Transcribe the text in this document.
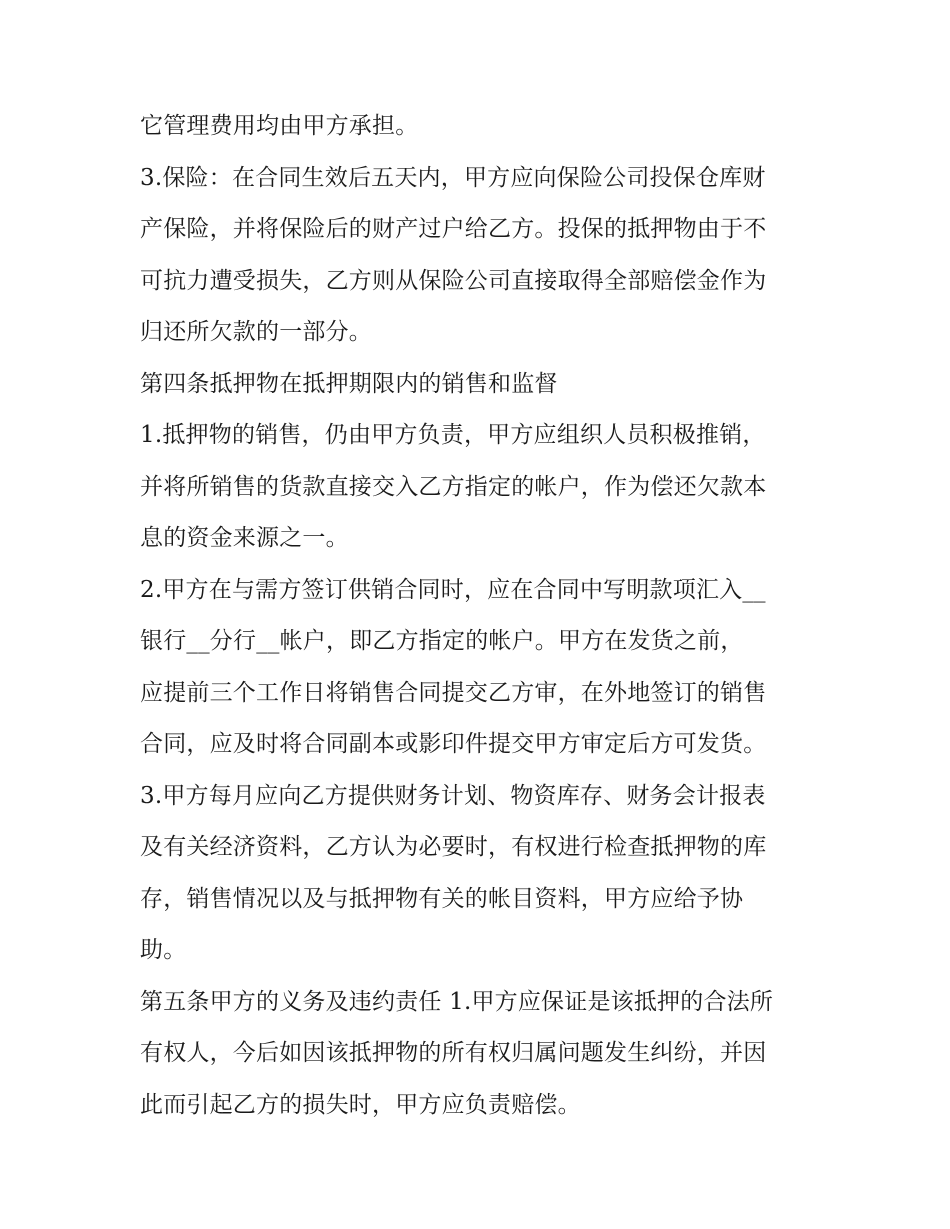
它管理费用均由甲方承担。
3.保险：在合同生效后五天内，甲方应向保险公司投保仓库财
产保险，并将保险后的财产过户给乙方。投保的抵押物由于不
可抗力遭受损失，乙方则从保险公司直接取得全部赔偿金作为
归还所欠款的一部分。
第四条抵押物在抵押期限内的销售和监督
1.抵押物的销售，仍由甲方负责，甲方应组织人员积极推销，
并将所销售的货款直接交入乙方指定的帐户，作为偿还欠款本
息的资金来源之一。
2.甲方在与需方签订供销合同时，应在合同中写明款项汇入__
银行__分行__帐户，即乙方指定的帐户。甲方在发货之前，
应提前三个工作日将销售合同提交乙方审，在外地签订的销售
合同，应及时将合同副本或影印件提交甲方审定后方可发货。
3.甲方每月应向乙方提供财务计划、物资库存、财务会计报表
及有关经济资料，乙方认为必要时，有权进行检查抵押物的库
存，销售情况以及与抵押物有关的帐目资料，甲方应给予协
助。
第五条甲方的义务及违约责任 1.甲方应保证是该抵押的合法所
有权人，今后如因该抵押物的所有权归属问题发生纠纷，并因
此而引起乙方的损失时，甲方应负责赔偿。
